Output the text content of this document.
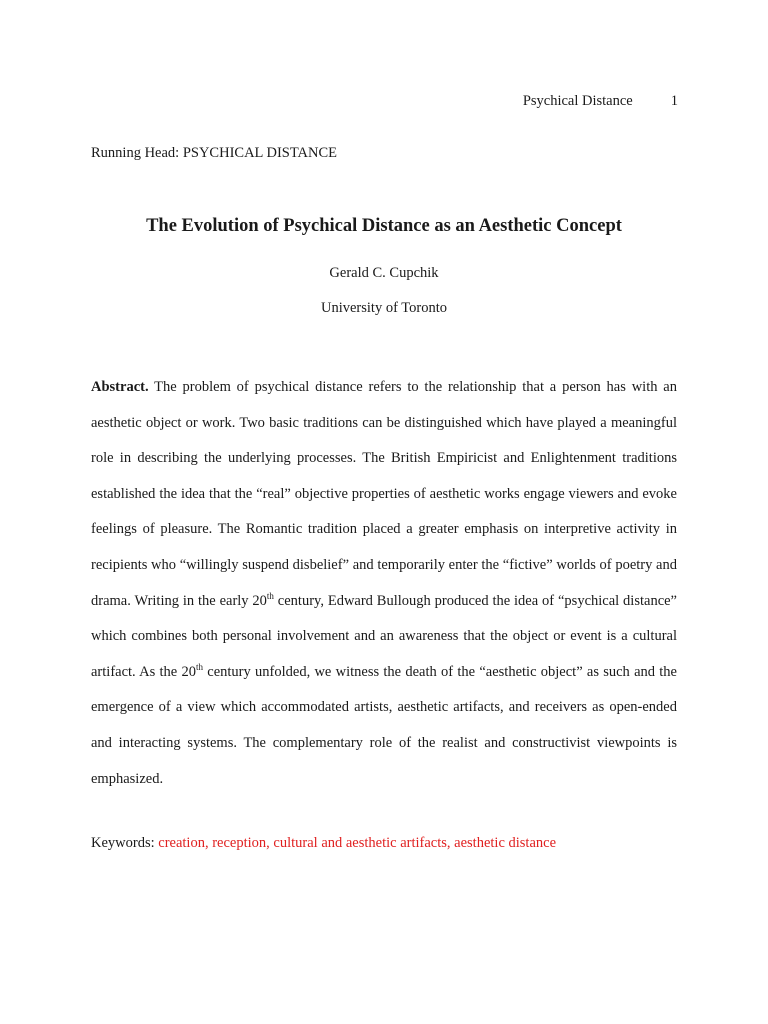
Psychical Distance	1
Running Head: PSYCHICAL DISTANCE
The Evolution of Psychical Distance as an Aesthetic Concept
Gerald C. Cupchik
University of Toronto
Abstract. The problem of psychical distance refers to the relationship that a person has with an aesthetic object or work. Two basic traditions can be distinguished which have played a meaningful role in describing the underlying processes. The British Empiricist and Enlightenment traditions established the idea that the “real” objective properties of aesthetic works engage viewers and evoke feelings of pleasure. The Romantic tradition placed a greater emphasis on interpretive activity in recipients who “willingly suspend disbelief” and temporarily enter the “fictive” worlds of poetry and drama. Writing in the early 20th century, Edward Bullough produced the idea of “psychical distance” which combines both personal involvement and an awareness that the object or event is a cultural artifact. As the 20th century unfolded, we witness the death of the “aesthetic object” as such and the emergence of a view which accommodated artists, aesthetic artifacts, and receivers as open-ended and interacting systems. The complementary role of the realist and constructivist viewpoints is emphasized.
Keywords: creation, reception, cultural and aesthetic artifacts, aesthetic distance
